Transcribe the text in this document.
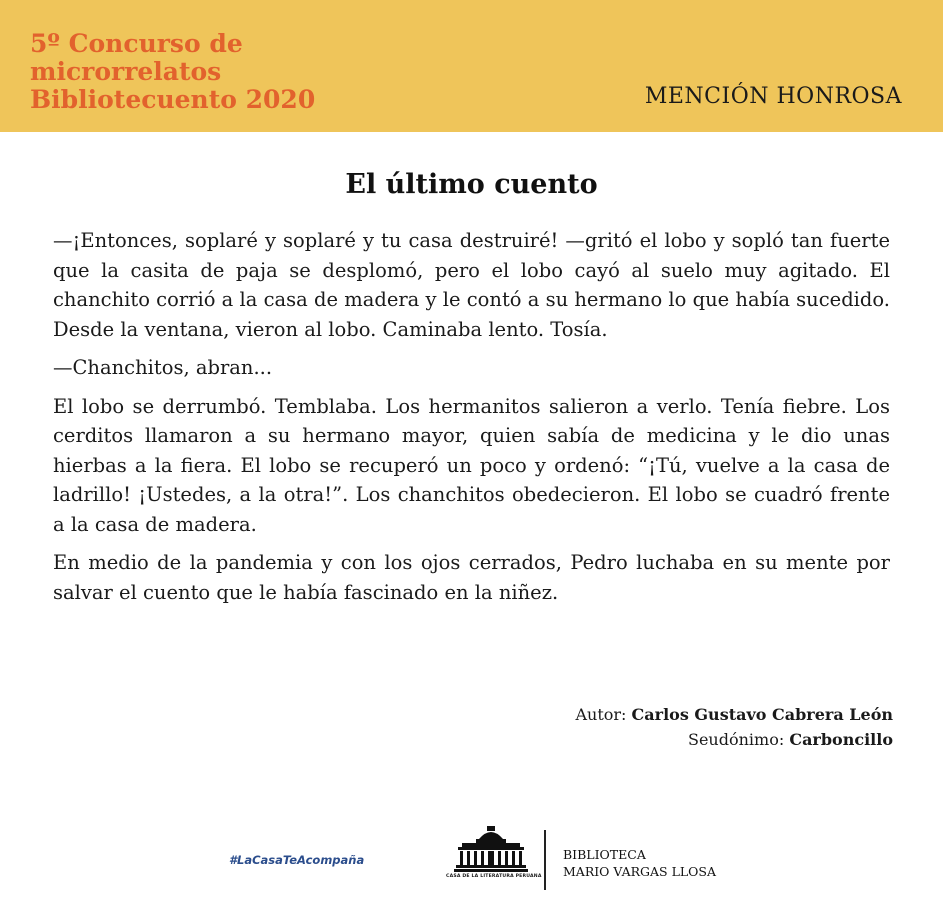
5º Concurso de
microrrelatos
Bibliotecuento 2020	MENCIÓN HONROSA
El último cuento

—¡Entonces, soplaré y soplaré y tu casa destruiré! —gritó el lobo y sopló tan fuerte que la casita de paja se desplomó, pero el lobo cayó al suelo muy agitado. El chanchito corrió a la casa de madera y le contó a su hermano lo que había sucedido. Desde la ventana, vieron al lobo. Caminaba lento. Tosía.

—Chanchitos, abran...

El lobo se derrumbó. Temblaba. Los hermanitos salieron a verlo. Tenía fiebre. Los cerditos llamaron a su hermano mayor, quien sabía de medicina y le dio unas hierbas a la fiera. El lobo se recuperó un poco y ordenó: “¡Tú, vuelve a la casa de ladrillo! ¡Ustedes, a la otra!”. Los chanchitos obedecieron. El lobo se cuadró frente a la casa de madera.

En medio de la pandemia y con los ojos cerrados, Pedro luchaba en su mente por salvar el cuento que le había fascinado en la niñez.

Autor: Carlos Gustavo Cabrera León
Seudónimo: Carboncillo
#LaCasaTeAcompaña
CASA DE LA LITERATURA PERUANA
BIBLIOTECA
MARIO VARGAS LLOSA
